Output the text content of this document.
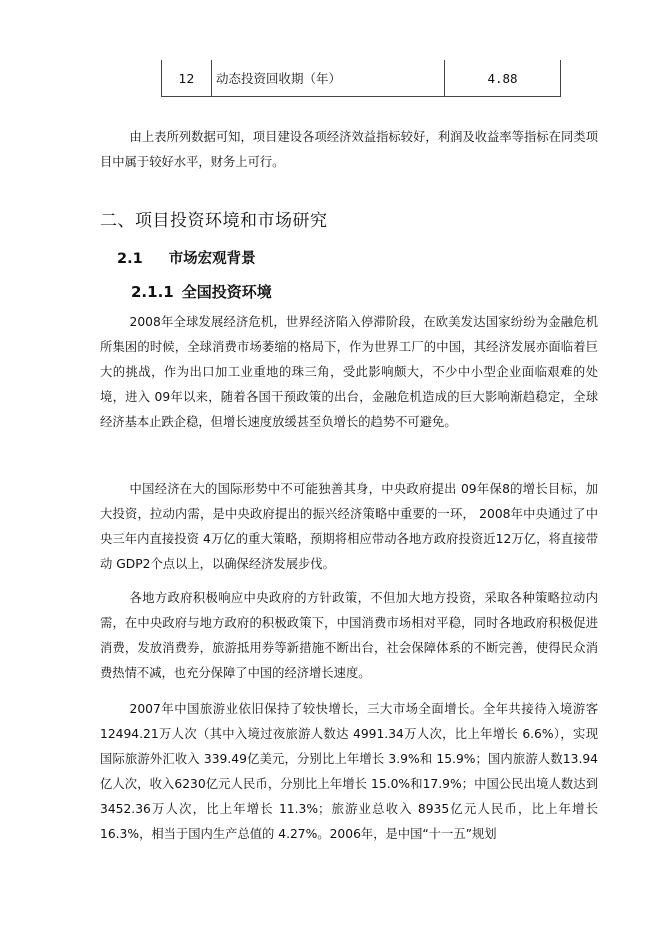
12	动态投资回收期（年）	4.88

由上表所列数据可知，项目建设各项经济效益指标较好，利润及收益率等指标在同类项目中属于较好水平，财务上可行。

二、项目投资环境和市场研究
2.1 市场宏观背景
2.1.1 全国投资环境

2008年全球发展经济危机，世界经济陷入停滞阶段，在欧美发达国家纷纷为金融危机所集困的时候，全球消费市场萎缩的格局下，作为世界工厂的中国，其经济发展亦面临着巨大的挑战，作为出口加工业重地的珠三角，受此影响颇大，不少中小型企业面临艰难的处境，进入 09年以来，随着各国干预政策的出台，金融危机造成的巨大影响渐趋稳定，全球经济基本止跌企稳，但增长速度放缓甚至负增长的趋势不可避免。

中国经济在大的国际形势中不可能独善其身，中央政府提出 09年保8的增长目标，加大投资，拉动内需，是中央政府提出的振兴经济策略中重要的一环， 2008年中央通过了中央三年内直接投资 4万亿的重大策略，预期将相应带动各地方政府投资近12万亿，将直接带动 GDP2个点以上，以确保经济发展步伐。

各地方政府积极响应中央政府的方针政策，不但加大地方投资，采取各种策略拉动内需，在中央政府与地方政府的积极政策下，中国消费市场相对平稳，同时各地政府积极促进消费，发放消费券，旅游抵用券等新措施不断出台，社会保障体系的不断完善，使得民众消费热情不减，也充分保障了中国的经济增长速度。

2007年中国旅游业依旧保持了较快增长，三大市场全面增长。全年共接待入境游客 12494.21万人次（其中入境过夜旅游人数达 4991.34万人次，比上年增长 6.6%），实现国际旅游外汇收入 339.49亿美元，分别比上年增长 3.9%和 15.9%；国内旅游人数13.94亿人次，收入6230亿元人民币，分别比上年增长 15.0%和17.9%；中国公民出境人数达到 3452.36万人次，比上年增长 11.3%；旅游业总收入 8935亿元人民币，比上年增长 16.3%，相当于国内生产总值的 4.27%。2006年，是中国“十一五”规划
